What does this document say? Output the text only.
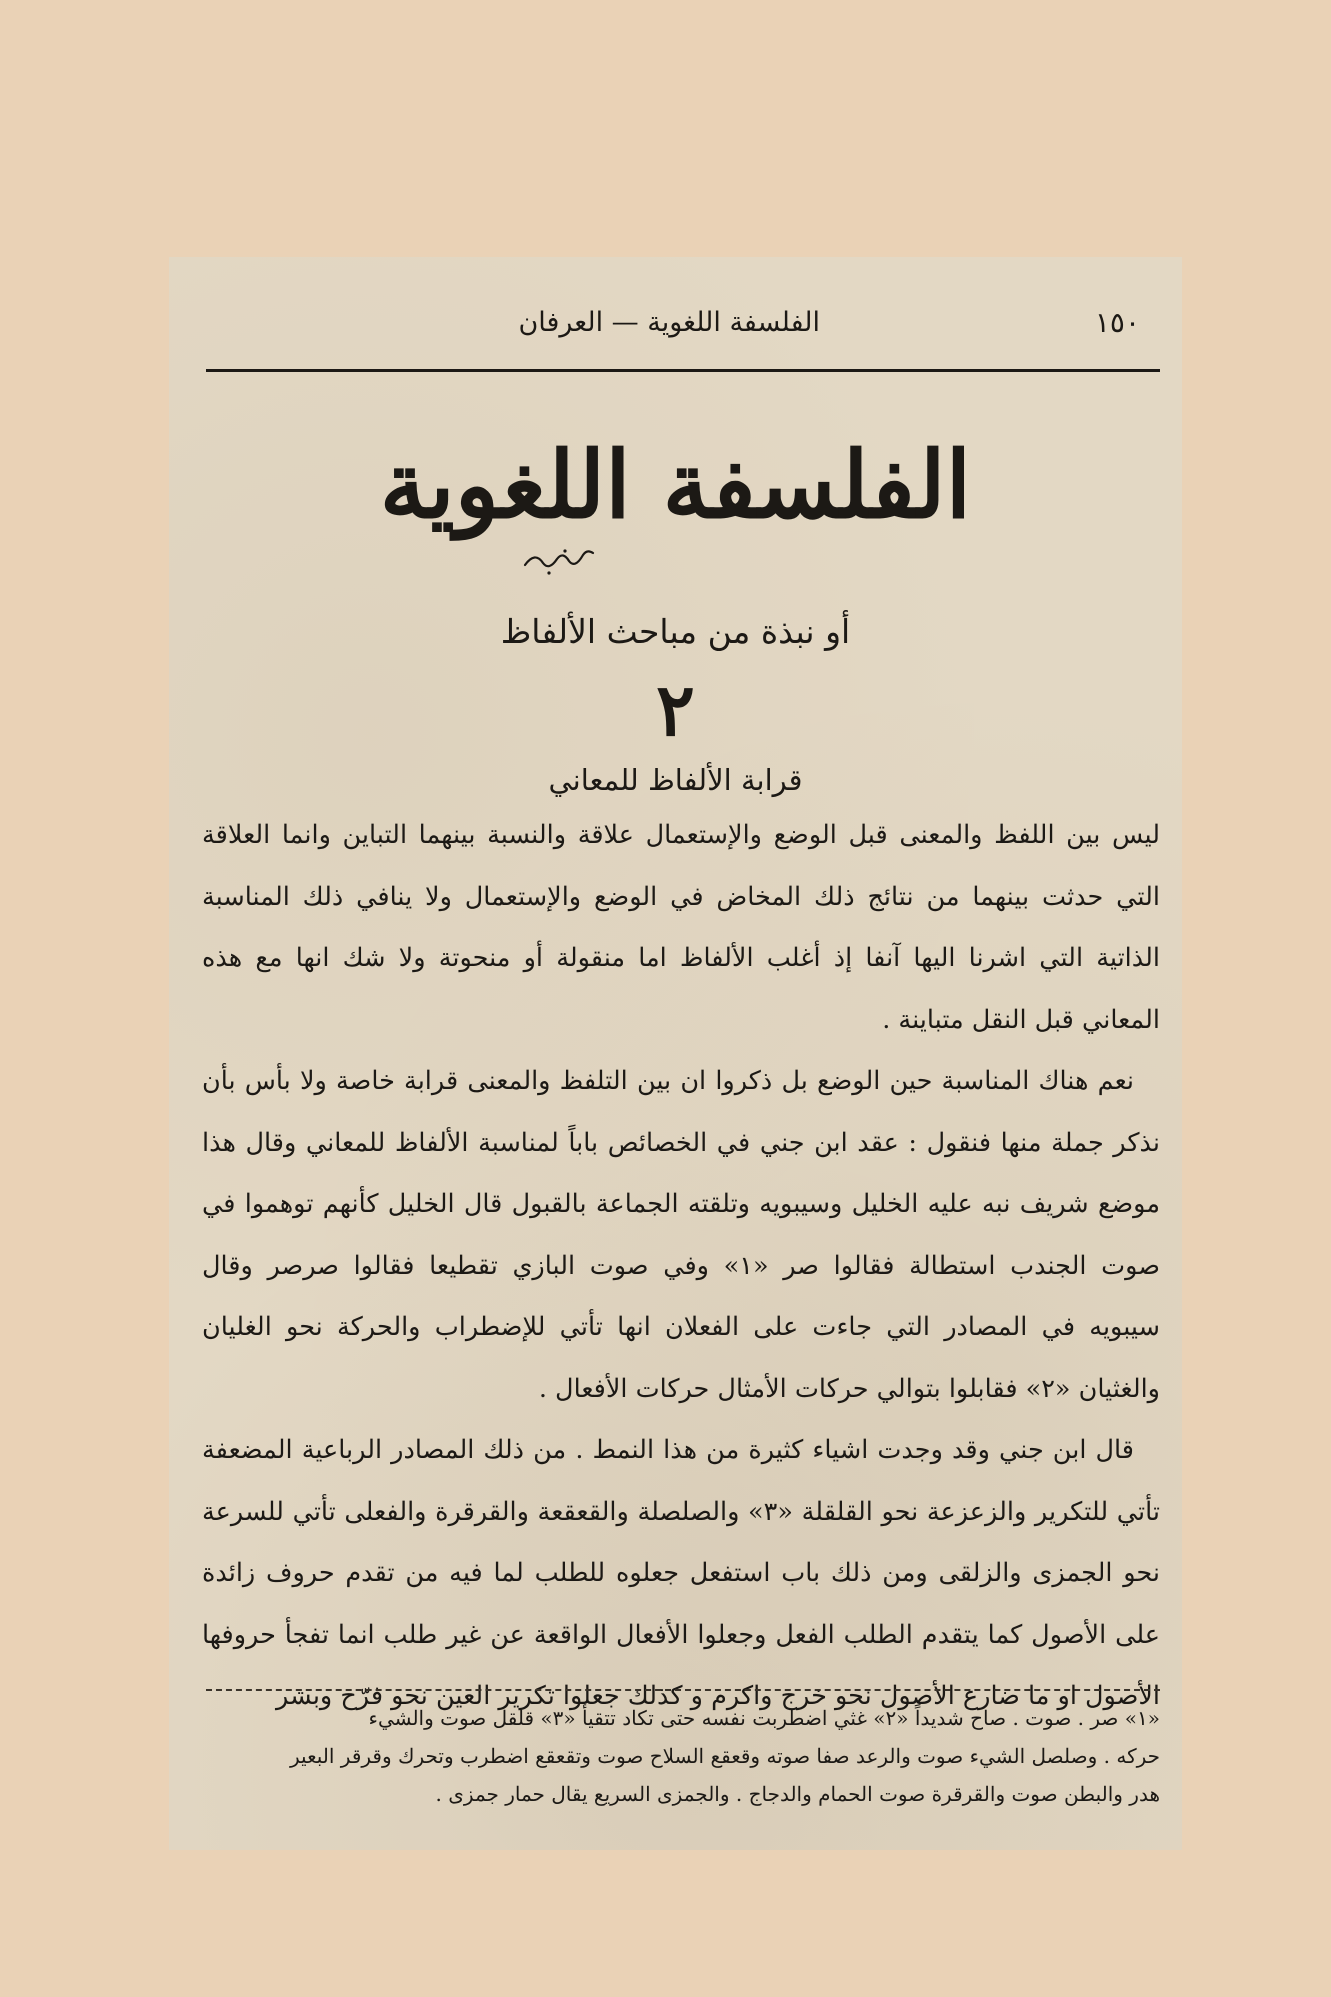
١٥٠
الفلسفة اللغوية — العرفان
الفلسفة اللغوية
أو نبذة من مباحث الألفاظ
٢
قرابة الألفاظ للمعاني

ليس بين اللفظ والمعنى قبل الوضع والإستعمال علاقة والنسبة بينهما التباين وانما العلاقة التي حدثت بينهما من نتائج ذلك المخاض في الوضع والإستعمال ولا ينافي ذلك المناسبة الذاتية التي اشرنا اليها آنفا إذ أغلب الألفاظ اما منقولة أو منحوتة ولا شك انها مع هذه المعاني قبل النقل متباينة .

نعم هناك المناسبة حين الوضع بل ذكروا ان بين التلفظ والمعنى قرابة خاصة ولا بأس بأن نذكر جملة منها فنقول : عقد ابن جني في الخصائص باباً لمناسبة الألفاظ للمعاني وقال هذا موضع شريف نبه عليه الخليل وسيبويه وتلقته الجماعة بالقبول قال الخليل كأنهم توهموا في صوت الجندب استطالة فقالوا صر «١» وفي صوت البازي تقطيعا فقالوا صرصر وقال سيبويه في المصادر التي جاءت على الفعلان انها تأتي للإضطراب والحركة نحو الغليان والغثيان «٢» فقابلوا بتوالي حركات الأمثال حركات الأفعال .

قال ابن جني وقد وجدت اشياء كثيرة من هذا النمط . من ذلك المصادر الرباعية المضعفة تأتي للتكرير والزعزعة نحو القلقلة «٣» والصلصلة والقعقعة والقرقرة والفعلى تأتي للسرعة نحو الجمزى والزلقى ومن ذلك باب استفعل جعلوه للطلب لما فيه من تقدم حروف زائدة على الأصول كما يتقدم الطلب الفعل وجعلوا الأفعال الواقعة عن غير طلب انما تفجأ حروفها الأصول او ما ضارع الأصول نحو خرج واكرم و كذلك جعلوا تكرير العين نحو فرّح وبشر

«١» صر . صوت . صاح شديداً «٢» غثي اضطربت نفسه حتى تكاد تتقيأ «٣» قلقل صوت والشيء

حركه . وصلصل الشيء صوت والرعد صفا صوته وقعقع السلاح صوت وتقعقع اضطرب وتحرك وقرقر البعير

هدر والبطن صوت والقرقرة صوت الحمام والدجاج . والجمزى السريع يقال حمار جمزى .
